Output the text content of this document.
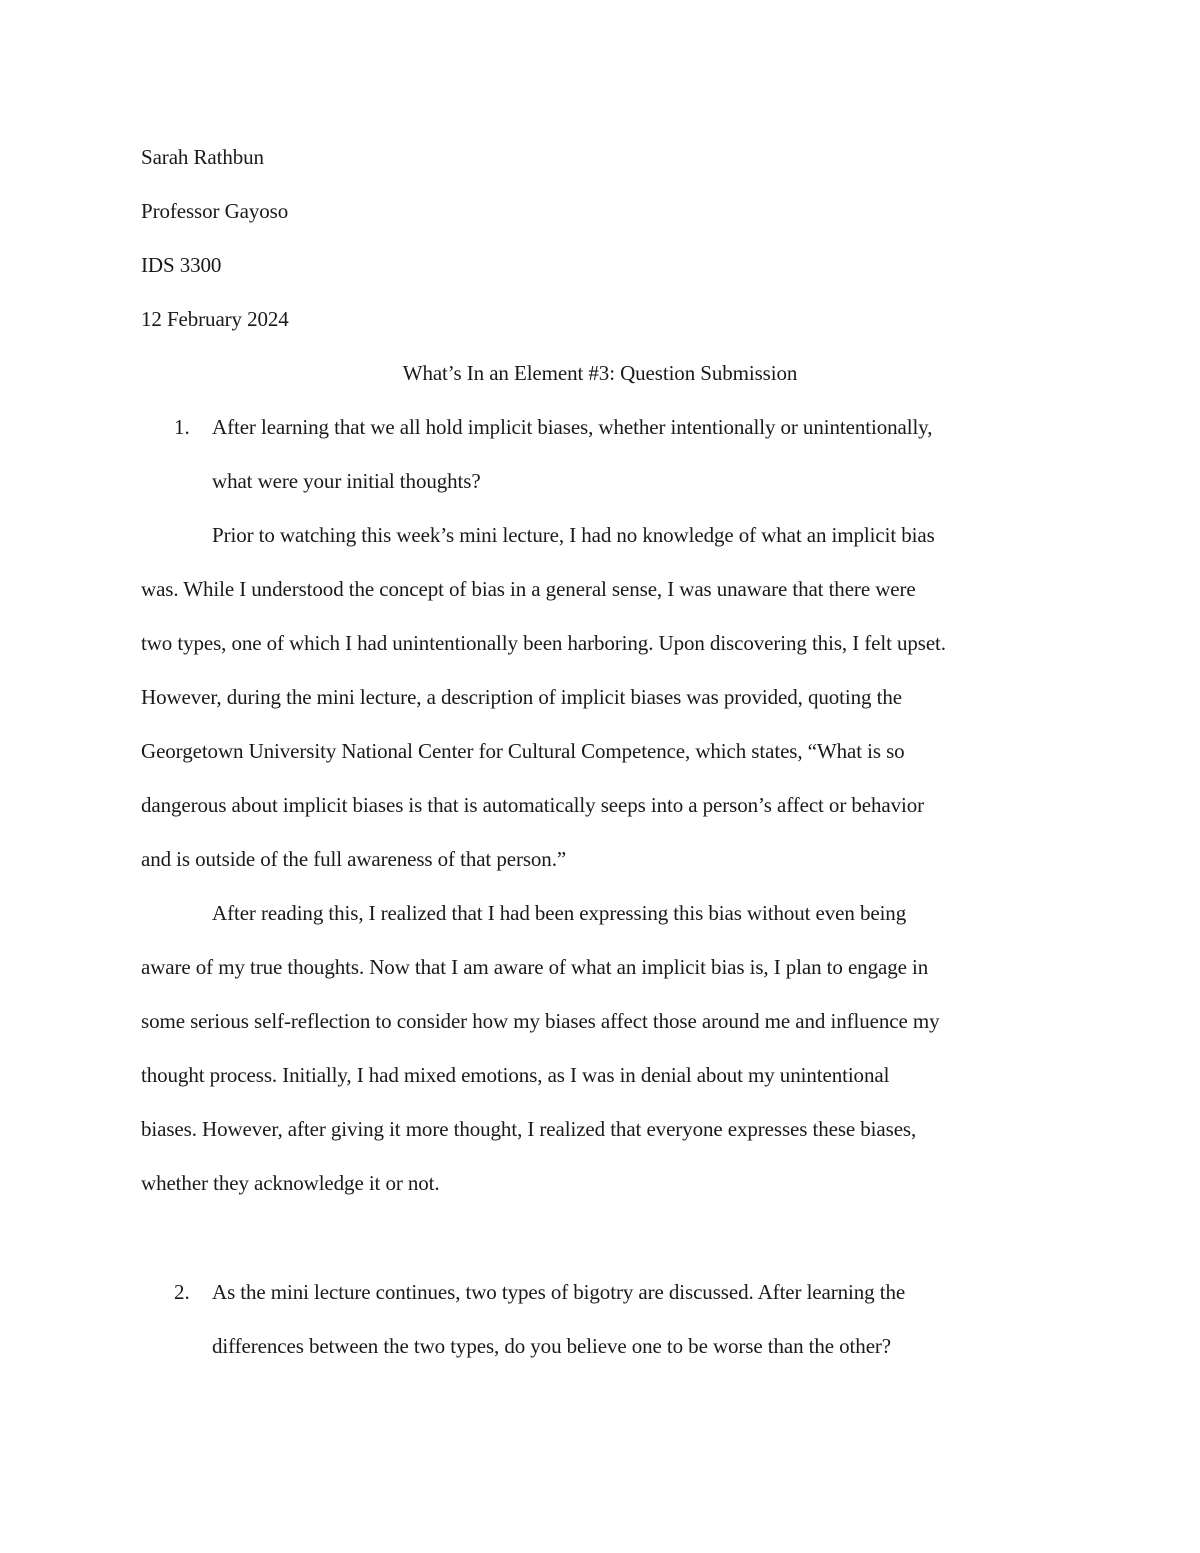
Sarah Rathbun
Professor Gayoso
IDS 3300
12 February 2024
What’s In an Element #3: Question Submission
1. After learning that we all hold implicit biases, whether intentionally or unintentionally,
what were your initial thoughts?
Prior to watching this week’s mini lecture, I had no knowledge of what an implicit bias
was. While I understood the concept of bias in a general sense, I was unaware that there were
two types, one of which I had unintentionally been harboring. Upon discovering this, I felt upset.
However, during the mini lecture, a description of implicit biases was provided, quoting the
Georgetown University National Center for Cultural Competence, which states, “What is so
dangerous about implicit biases is that is automatically seeps into a person’s affect or behavior
and is outside of the full awareness of that person.”
After reading this, I realized that I had been expressing this bias without even being
aware of my true thoughts. Now that I am aware of what an implicit bias is, I plan to engage in
some serious self-reflection to consider how my biases affect those around me and influence my
thought process. Initially, I had mixed emotions, as I was in denial about my unintentional
biases. However, after giving it more thought, I realized that everyone expresses these biases,
whether they acknowledge it or not.
2. As the mini lecture continues, two types of bigotry are discussed. After learning the
differences between the two types, do you believe one to be worse than the other?
